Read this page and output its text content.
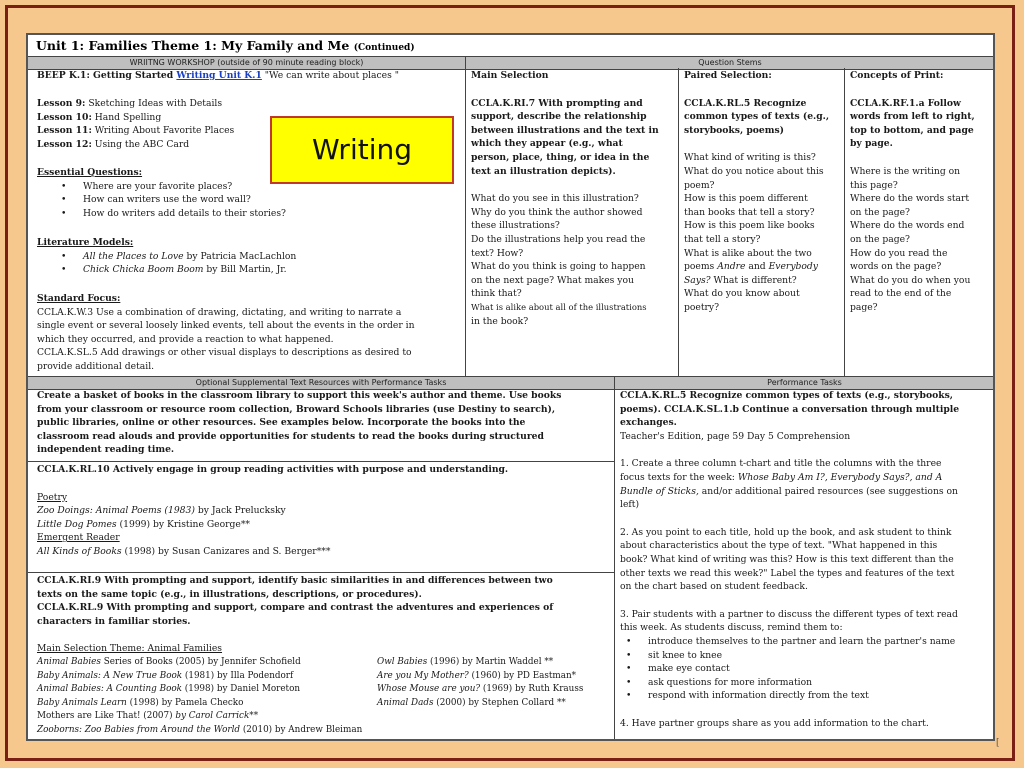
Unit 1: Families Theme 1: My Family and Me (Continued)
WRIITNG WORKSHOP (outside of 90 minute reading block)	Question Stems
BEEP K.1: Getting Started Writing Unit K.1 "We can write about places "
Lesson 9: Sketching Ideas with Details
Lesson 10: Hand Spelling
Lesson 11: Writing About Favorite Places
Lesson 12: Using the ABC Card
Essential Questions:
• Where are your favorite places?
• How can writers use the word wall?
• How do writers add details to their stories?
Literature Models:
• All the Places to Love by Patricia MacLachlon
• Chick Chicka Boom Boom by Bill Martin, Jr.
Standard Focus:
CCLA.K.W.3 Use a combination of drawing, dictating, and writing to narrate a
single event or several loosely linked events, tell about the events in the order in
which they occurred, and provide a reaction to what happened.
CCLA.K.SL.5 Add drawings or other visual displays to descriptions as desired to
provide additional detail.
Main Selection
CCLA.K.RI.7 With prompting and
support, describe the relationship
between illustrations and the text in
which they appear (e.g., what
person, place, thing, or idea in the
text an illustration depicts).
What do you see in this illustration?
Why do you think the author showed
these illustrations?
Do the illustrations help you read the
text? How?
What do you think is going to happen
on the next page? What makes you
think that?
What is alike about all of the illustrations
in the book?
Paired Selection:
CCLA.K.RL.5 Recognize
common types of texts (e.g.,
storybooks, poems)
What kind of writing is this?
What do you notice about this
poem?
How is this poem different
than books that tell a story?
How is this poem like books
that tell a story?
What is alike about the two
poems Andre and Everybody
Says? What is different?
What do you know about
poetry?
Concepts of Print:
CCLA.K.RF.1.a Follow
words from left to right,
top to bottom, and page
by page.
Where is the writing on
this page?
Where do the words start
on the page?
Where do the words end
on the page?
How do you read the
words on the page?
What do you do when you
read to the end of the
page?
Optional Supplemental Text Resources with Performance Tasks	Performance Tasks
Create a basket of books in the classroom library to support this week's author and theme. Use books
from your classroom or resource room collection, Broward Schools libraries (use Destiny to search),
public libraries, online or other resources. See examples below. Incorporate the books into the
classroom read alouds and provide opportunities for students to read the books during structured
independent reading time.
CCLA.K.RL.10 Actively engage in group reading activities with purpose and understanding.
Poetry
Zoo Doings: Animal Poems (1983) by Jack Prelucksky
Little Dog Pomes (1999) by Kristine George**
Emergent Reader
All Kinds of Books (1998) by Susan Canizares and S. Berger***
CCLA.K.RI.9 With prompting and support, identify basic similarities in and differences between two
texts on the same topic (e.g., in illustrations, descriptions, or procedures).
CCLA.K.RL.9 With prompting and support, compare and contrast the adventures and experiences of
characters in familiar stories.
Main Selection Theme: Animal Families
Animal Babies Series of Books (2005) by Jennifer Schofield
Baby Animals: A New True Book (1981) by Illa Podendorf
Animal Babies: A Counting Book (1998) by Daniel Moreton
Baby Animals Learn (1998) by Pamela Checko
Mothers are Like That! (2007) by Carol Carrick**
Zooborns: Zoo Babies from Around the World (2010) by Andrew Bleiman
Owl Babies (1996) by Martin Waddel **
Are you My Mother? (1960) by PD Eastman*
Whose Mouse are you? (1969) by Ruth Krauss
Animal Dads (2000) by Stephen Collard **
CCLA.K.RL.5 Recognize common types of texts (e.g., storybooks,
poems). CCLA.K.SL.1.b Continue a conversation through multiple
exchanges.
Teacher's Edition, page 59 Day 5 Comprehension
1. Create a three column t-chart and title the columns with the three
focus texts for the week: Whose Baby Am I?, Everybody Says?, and A
Bundle of Sticks, and/or additional paired resources (see suggestions on
left)
2. As you point to each title, hold up the book, and ask student to think
about characteristics about the type of text. "What happened in this
book? What kind of writing was this? How is this text different than the
other texts we read this week?" Label the types and features of the text
on the chart based on student feedback.
3. Pair students with a partner to discuss the different types of text read
this week. As students discuss, remind them to:
• introduce themselves to the partner and learn the partner's name
• sit knee to knee
• make eye contact
• ask questions for more information
• respond with information directly from the text
4. Have partner groups share as you add information to the chart.
Writing
[
